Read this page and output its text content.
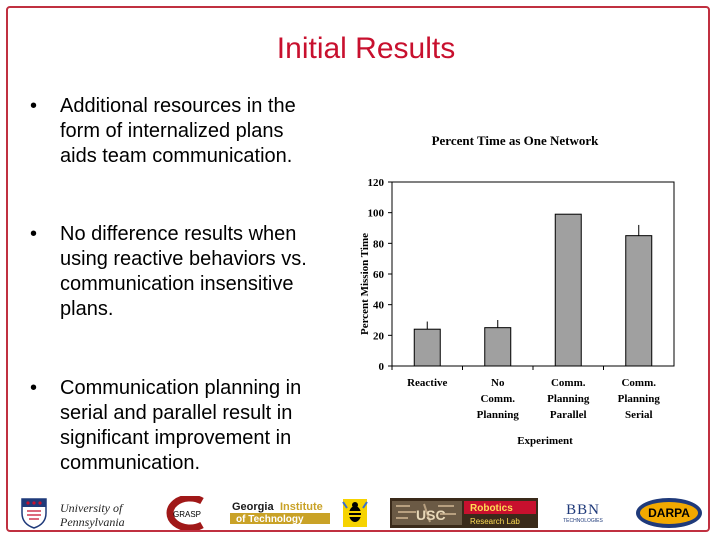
Initial Results
• Additional resources in the
form of internalized plans
aids team communication.
• No difference results when
using reactive behaviors vs.
communication insensitive
plans.
• Communication planning in
serial and parallel result in
significant improvement in
communication.
Percent Time as One Network
Percent Mission Time
Experiment
0
20
40
60
80
100
120
Reactive	No
Comm.
Planning
Comm.
Planning
Parallel
Comm.
Planning
Serial
University of
Pennsylvania
GRASP
Georgia Institute
of Technology	USC Robotics
Research Lab
BBN
TECHNOLOGIES
DARPA
